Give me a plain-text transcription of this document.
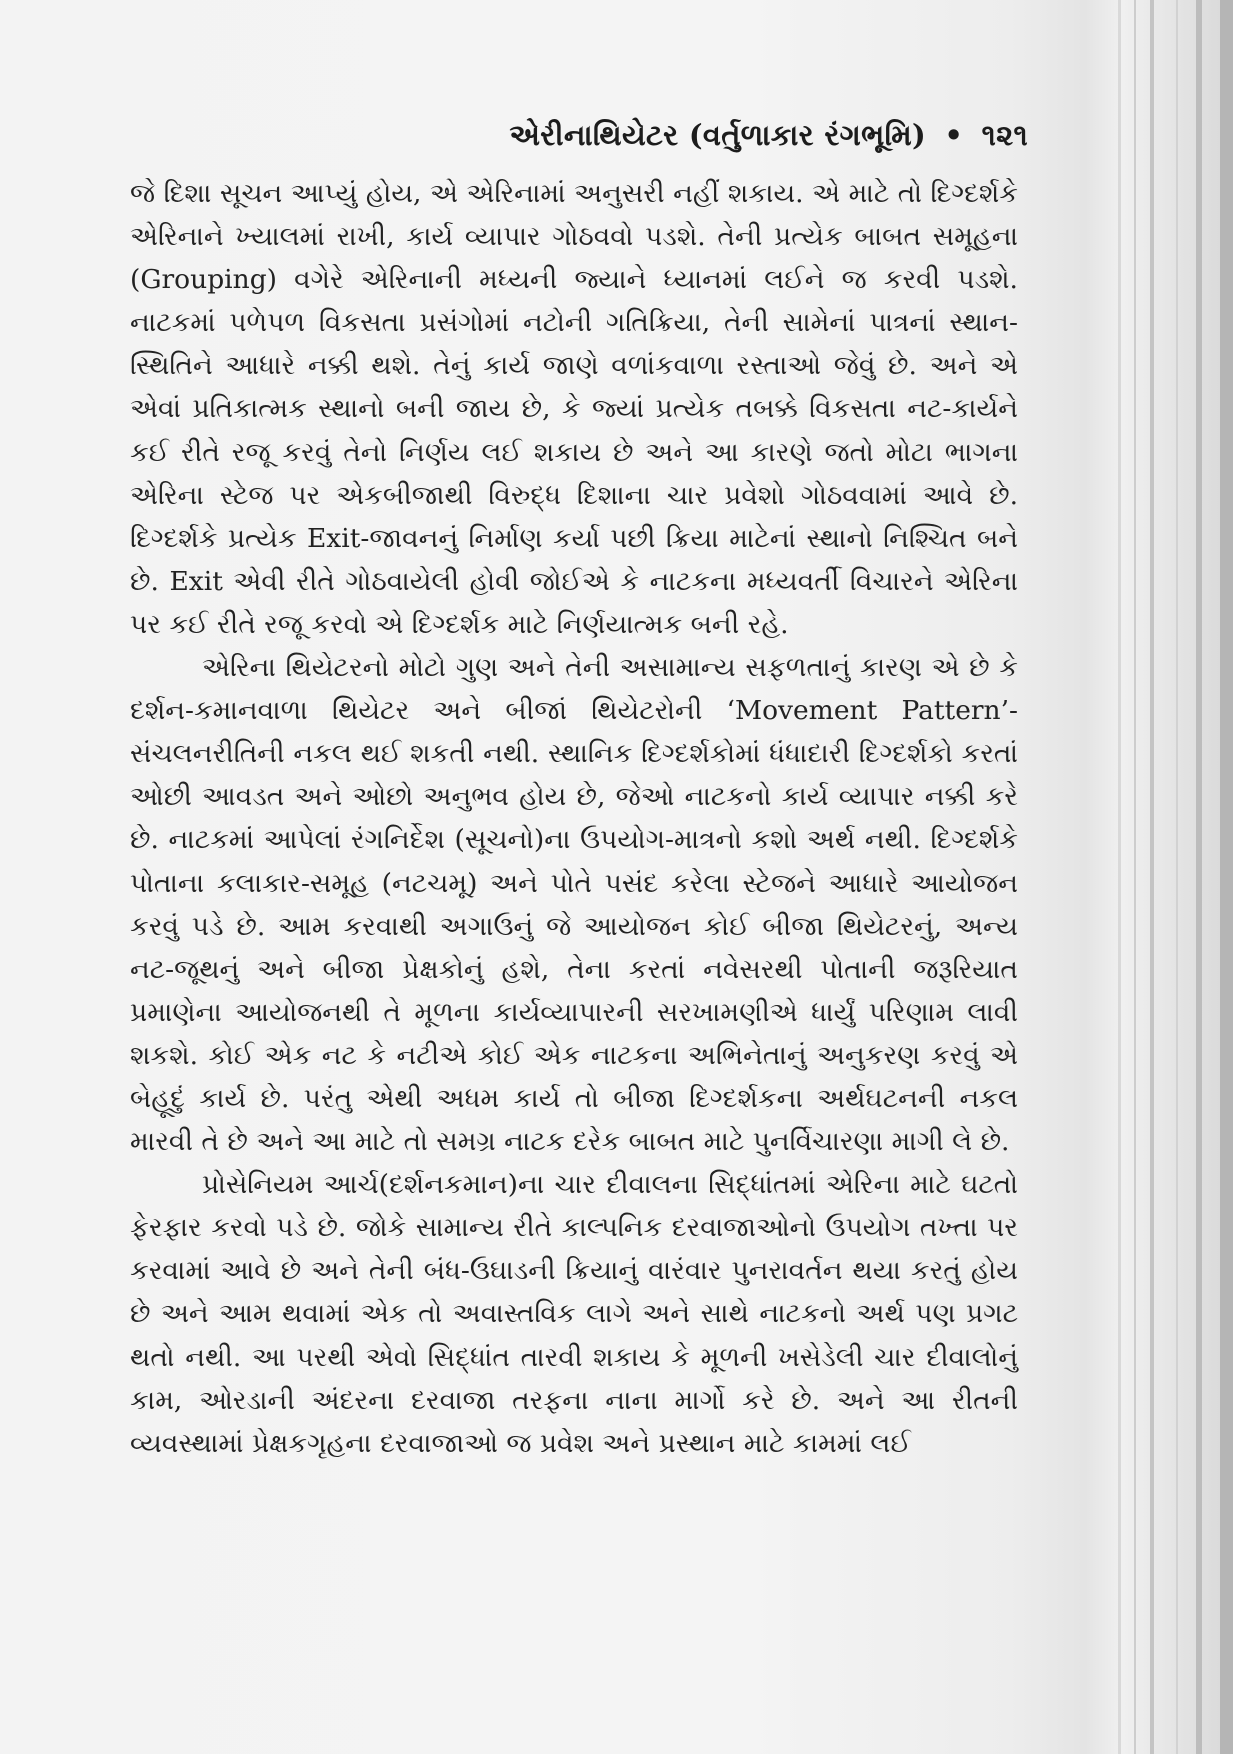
એરીનાથિયેટર (વર્તુળાકાર રંગભૂમિ) • ૧૨૧

જે દિશા સૂચન આપ્યું હોય, એ એરિનામાં અનુસરી નહીં શકાય. એ માટે તો દિગ્દર્શકે એરિનાને ખ્યાલમાં રાખી, કાર્ય વ્યાપાર ગોઠવવો પડશે. તેની પ્રત્યેક બાબત સમૂહના (Grouping) વગેરે એરિનાની મધ્યની જ્યાને ધ્યાનમાં લઈને જ કરવી પડશે. નાટકમાં પળેપળ વિકસતા પ્રસંગોમાં નટોની ગતિક્રિયા, તેની સામેનાં પાત્રનાં સ્થાન-સ્થિતિને આધારે નક્કી થશે. તેનું કાર્ય જાણે વળાંકવાળા રસ્તાઓ જેવું છે. અને એ એવાં પ્રતિકાત્મક સ્થાનો બની જાય છે, કે જ્યાં પ્રત્યેક તબક્કે વિકસતા નટ-કાર્યને કઈ રીતે રજૂ કરવું તેનો નિર્ણય લઈ શકાય છે અને આ કારણે જતો મોટા ભાગના એરિના સ્ટેજ પર એકબીજાથી વિરુદ્ધ દિશાના ચાર પ્રવેશો ગોઠવવામાં આવે છે. દિગ્દર્શકે પ્રત્યેક Exit-જાવનનું નિર્માણ કર્યા પછી ક્રિયા માટેનાં સ્થાનો નિશ્ચિત બને છે. Exit એવી રીતે ગોઠવાયેલી હોવી જોઈએ કે નાટકના મધ્યવર્તી વિચારને એરિના પર કઈ રીતે રજૂ કરવો એ દિગ્દર્શક માટે નિર્ણયાત્મક બની રહે.

એરિના થિયેટરનો મોટો ગુણ અને તેની અસામાન્ય સફળતાનું કારણ એ છે કે દર્શન-કમાનવાળા થિયેટર અને બીજાં થિયેટરોની ‘Movement Pattern’-સંચલનરીતિની નકલ થઈ શકતી નથી. સ્થાનિક દિગ્દર્શકોમાં ધંધાદારી દિગ્દર્શકો કરતાં ઓછી આવડત અને ઓછો અનુભવ હોય છે, જેઓ નાટકનો કાર્ય વ્યાપાર નક્કી કરે છે. નાટકમાં આપેલાં રંગનિર્દેશ (સૂચનો)ના ઉપયોગ-માત્રનો કશો અર્થ નથી. દિગ્દર્શકે પોતાના કલાકાર-સમૂહ (નટચમૂ) અને પોતે પસંદ કરેલા સ્ટેજને આધારે આયોજન કરવું પડે છે. આમ કરવાથી અગાઉનું જે આયોજન કોઈ બીજા થિયેટરનું, અન્ય નટ-જૂથનું અને બીજા પ્રેક્ષકોનું હશે, તેના કરતાં નવેસરથી પોતાની જરૂરિયાત પ્રમાણેના આયોજનથી તે મૂળના કાર્યવ્યાપારની સરખામણીએ ધાર્યું પરિણામ લાવી શકશે. કોઈ એક નટ કે નટીએ કોઈ એક નાટકના અભિનેતાનું અનુકરણ કરવું એ બેહૂદું કાર્ય છે. પરંતુ એથી અધમ કાર્ય તો બીજા દિગ્દર્શકના અર્થઘટનની નકલ મારવી તે છે અને આ માટે તો સમગ્ર નાટક દરેક બાબત માટે પુનર્વિચારણા માગી લે છે.

પ્રોસેનિયમ આર્ચ(દર્શનકમાન)ના ચાર દીવાલના સિદ્ધાંતમાં એરિના માટે ઘટતો ફેરફાર કરવો પડે છે. જોકે સામાન્ય રીતે કાલ્પનિક દરવાજાઓનો ઉપયોગ તખ્તા પર કરવામાં આવે છે અને તેની બંધ-ઉઘાડની ક્રિયાનું વારંવાર પુનરાવર્તન થયા કરતું હોય છે અને આમ થવામાં એક તો અવાસ્તવિક લાગે અને સાથે નાટકનો અર્થ પણ પ્રગટ થતો નથી. આ પરથી એવો સિદ્ધાંત તારવી શકાય કે મૂળની ખસેડેલી ચાર દીવાલોનું કામ, ઓરડાની અંદરના દરવાજા તરફના નાના માર્ગો કરે છે. અને આ રીતની વ્યવસ્થામાં પ્રેક્ષકગૃહના દરવાજાઓ જ પ્રવેશ અને પ્રસ્થાન માટે કામમાં લઈ
